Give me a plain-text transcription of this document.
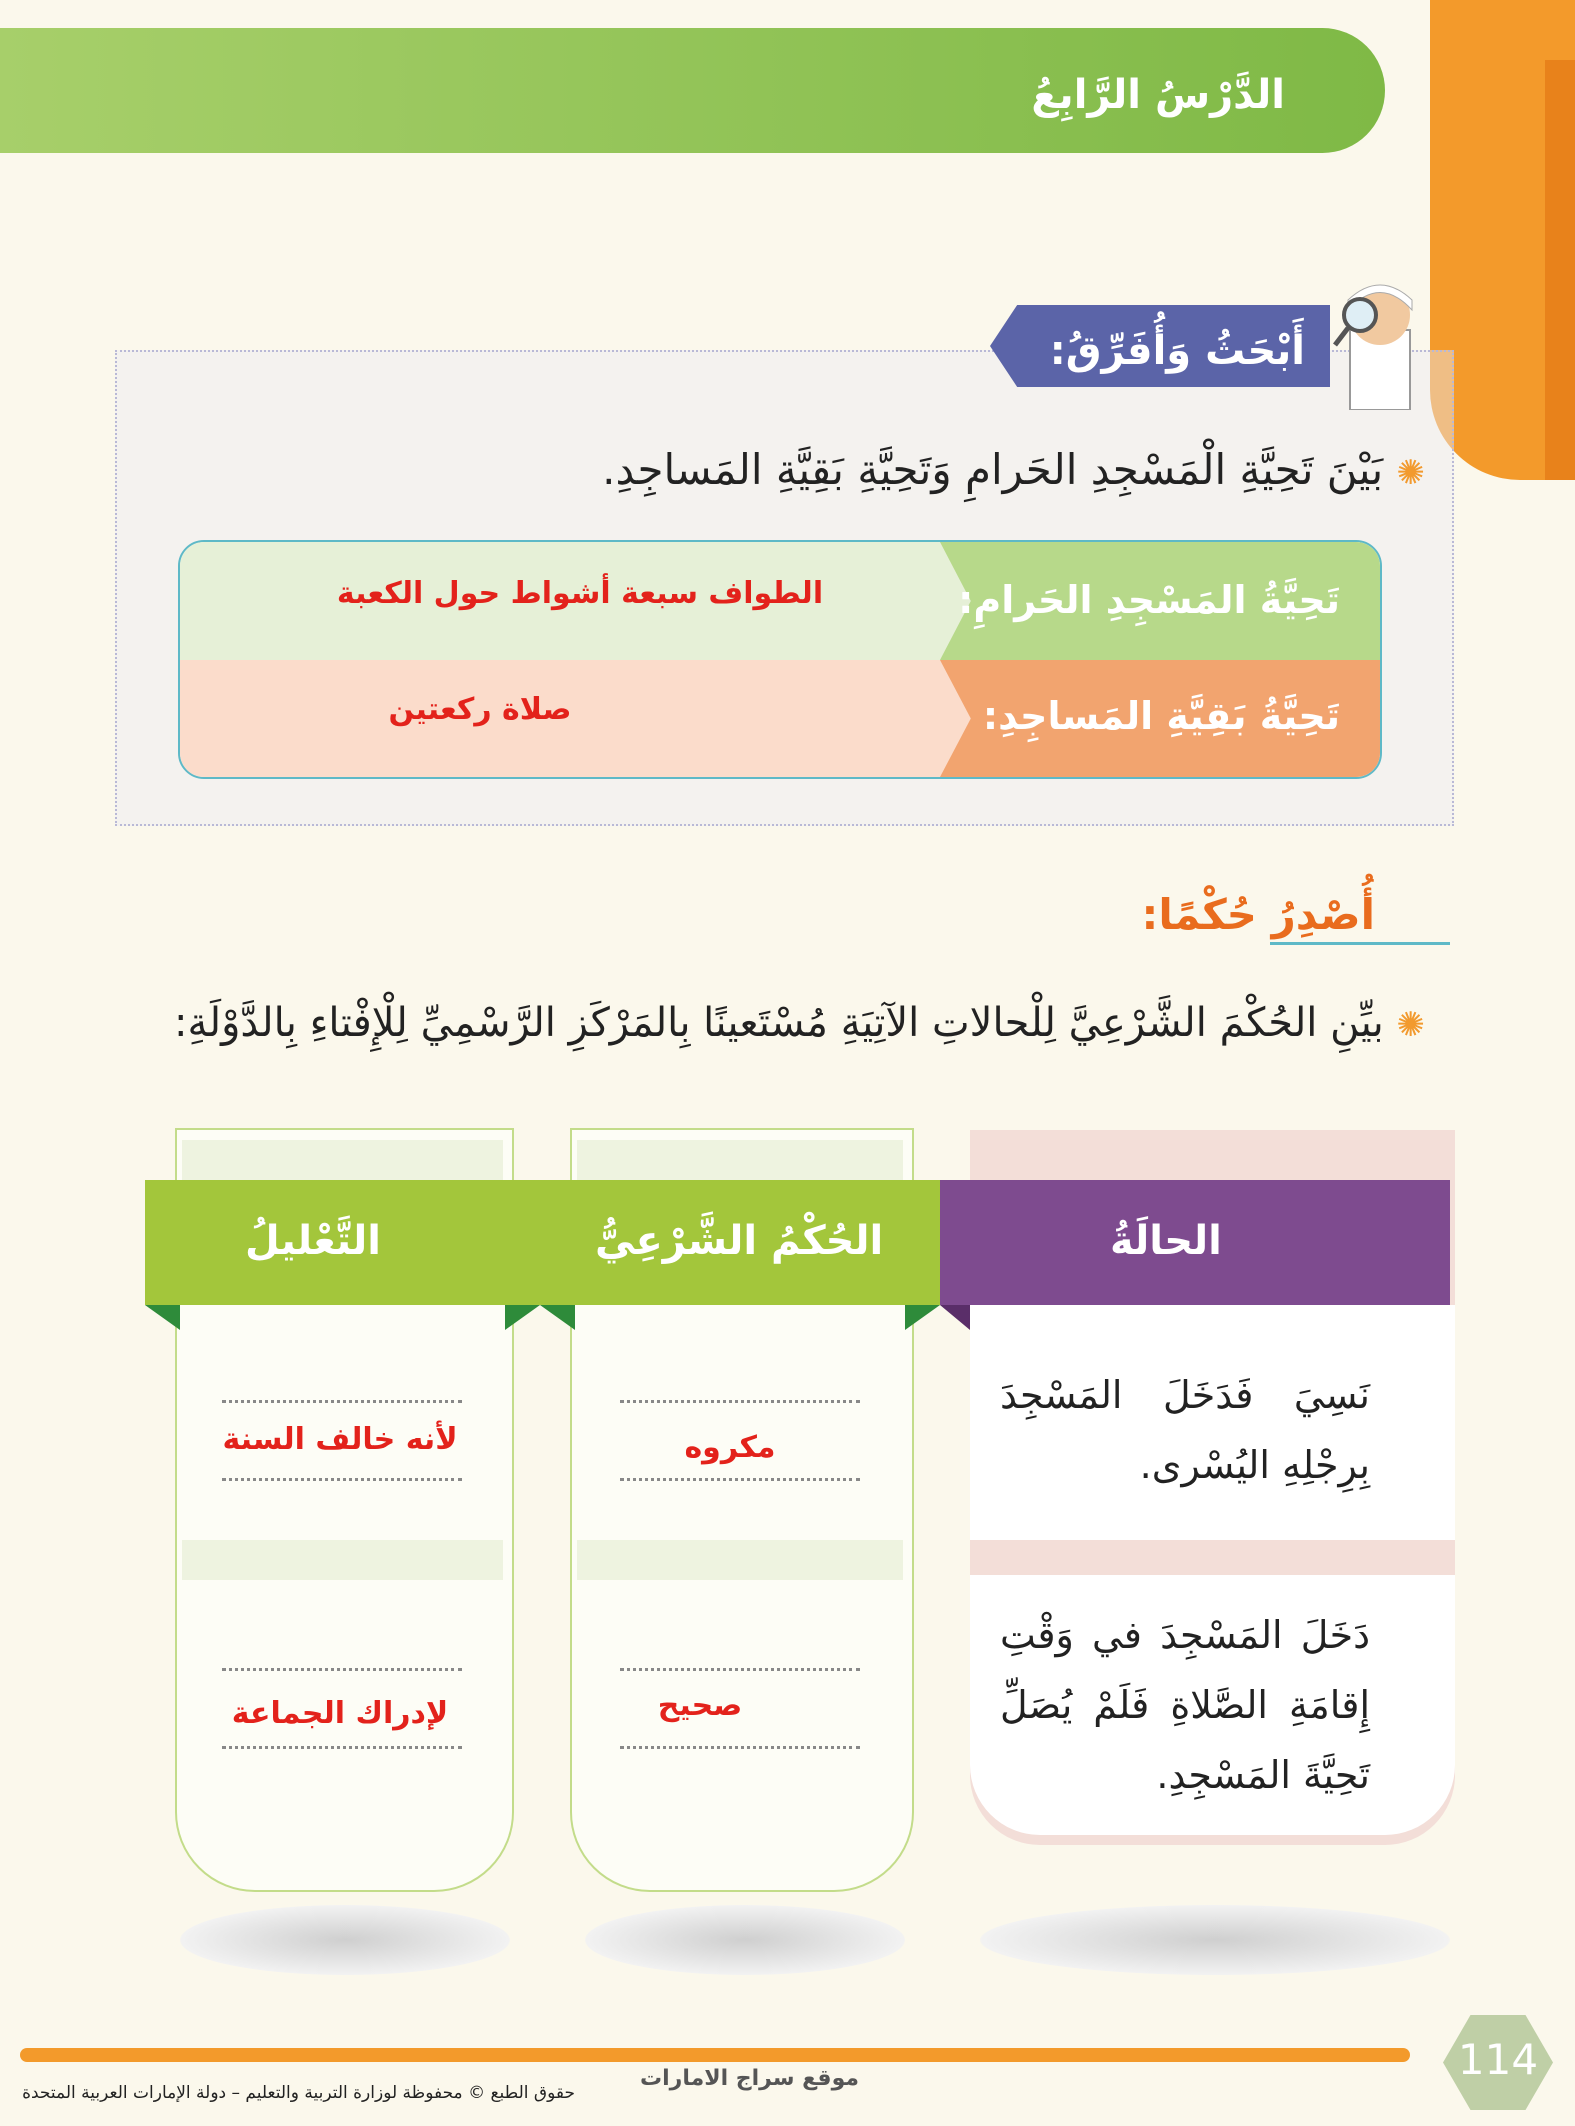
الدَّرْسُ الرَّابِعُ
أَبْحَثُ وَأُفَرِّقُ:
✺ بَيْنَ تَحِيَّةِ الْمَسْجِدِ الحَرامِ وَتَحِيَّةِ بَقِيَّةِ المَساجِدِ.
تَحِيَّةُ المَسْجِدِ الحَرامِ:
تَحِيَّةُ بَقِيَّةِ المَساجِدِ:
الطواف سبعة أشواط حول الكعبة
صلاة ركعتين
أُصْدِرُ حُكْمًا:
✺ بيِّنِ الحُكْمَ الشَّرْعِيَّ لِلْحالاتِ الآتِيَةِ مُسْتَعينًا بِالمَرْكَزِ الرَّسْمِيِّ لِلْإِفْتاءِ بِالدَّوْلَةِ:
الحالَةُ
الحُكْمُ الشَّرْعِيُّ
التَّعْليلُ
نَسِيَ فَدَخَلَ المَسْجِدَ بِرِجْلِهِ اليُسْرى.
دَخَلَ المَسْجِدَ في وَقْتِ إِقامَةِ الصَّلاةِ فَلَمْ يُصَلِّ تَحِيَّةَ المَسْجِدِ.
مكروه
لأنه خالف السنة
صحيح
لإدراك الجماعة
114
موقع سراج الامارات
حقوق الطبع © محفوظة لوزارة التربية والتعليم – دولة الإمارات العربية المتحدة
